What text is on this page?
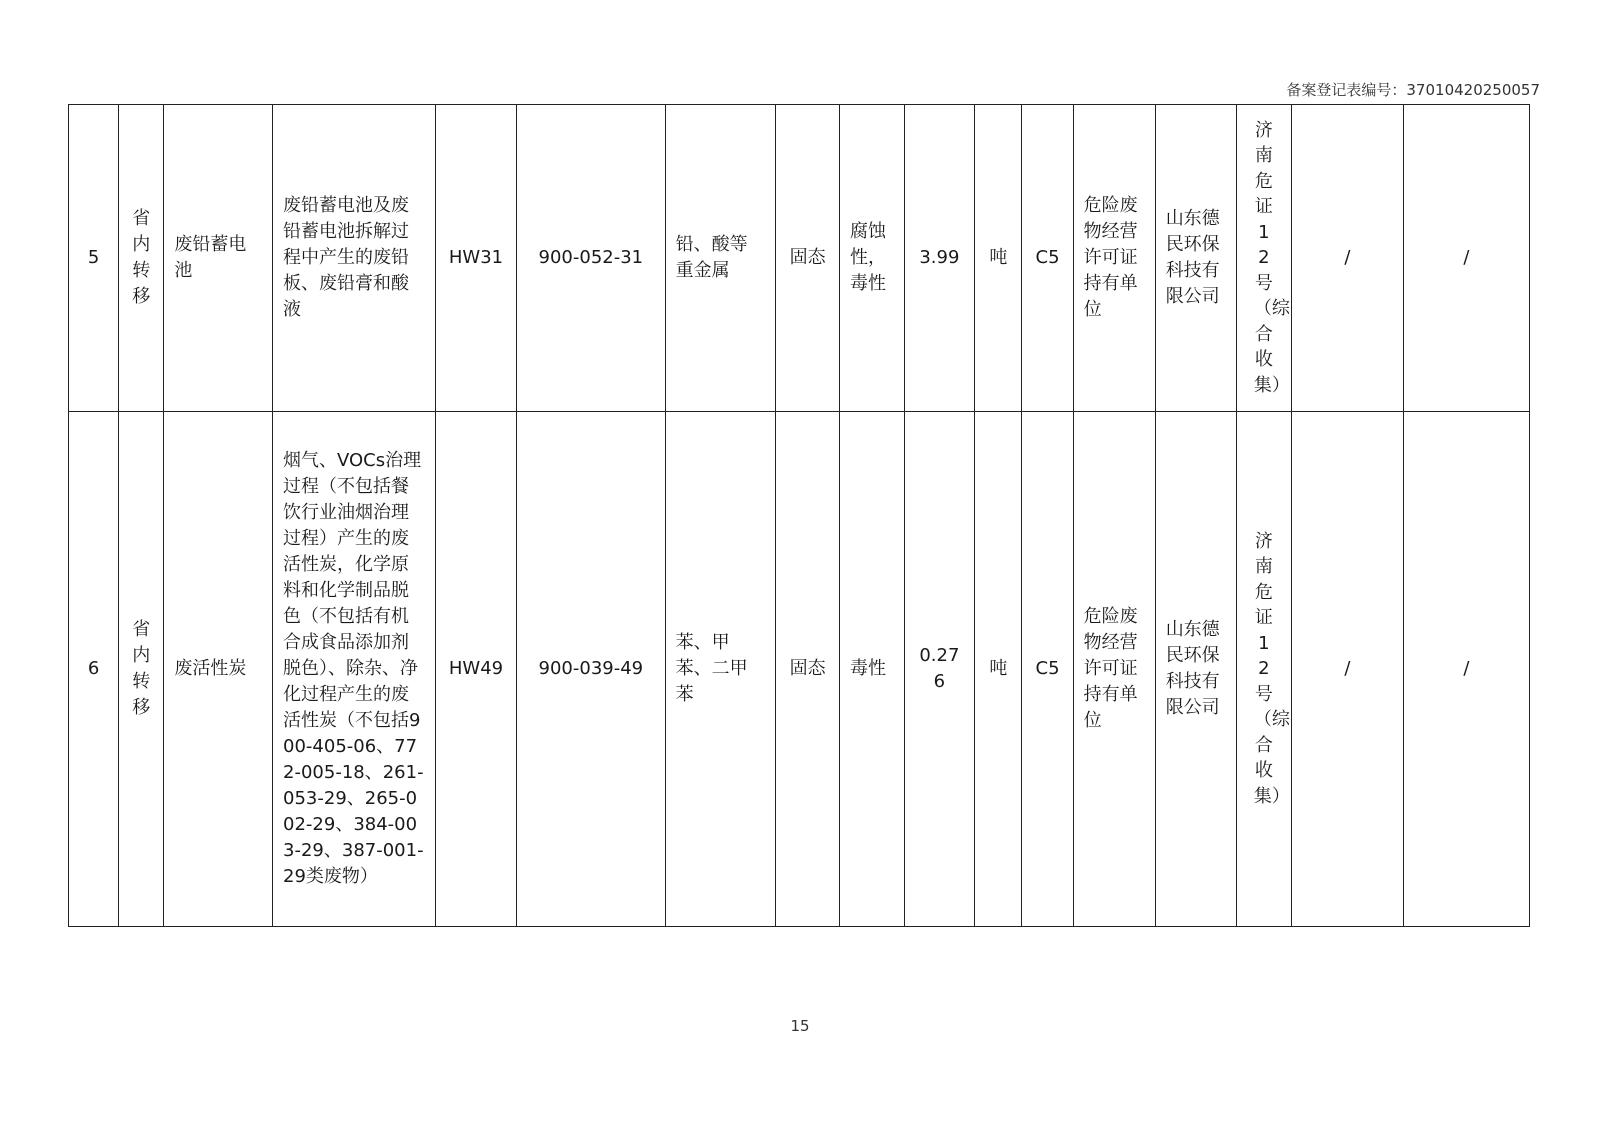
备案登记表编号：37010420250057
5	省内转移	废铅蓄电池	废铅蓄电池及废铅蓄电池拆解过程中产生的废铅板、废铅膏和酸液	HW31	900-052-31	铅、酸等重金属	固态	腐蚀性，毒性	3.99	吨	C5	危险废物经营许可证持有单位	山东德民环保科技有限公司	济南危证12号（综合收集）	/	/
6	省内转移	废活性炭	烟气、VOCs治理过程（不包括餐饮行业油烟治理过程）产生的废活性炭，化学原料和化学制品脱色（不包括有机合成食品添加剂脱色）、除杂、净化过程产生的废活性炭（不包括900-405-06、772-005-18、261-053-29、265-002-29、384-003-29、387-001-29类废物）	HW49	900-039-49	苯、甲苯、二甲苯	固态	毒性	0.276	吨	C5	危险废物经营许可证持有单位	山东德民环保科技有限公司	济南危证12号（综合收集）	/	/
15
